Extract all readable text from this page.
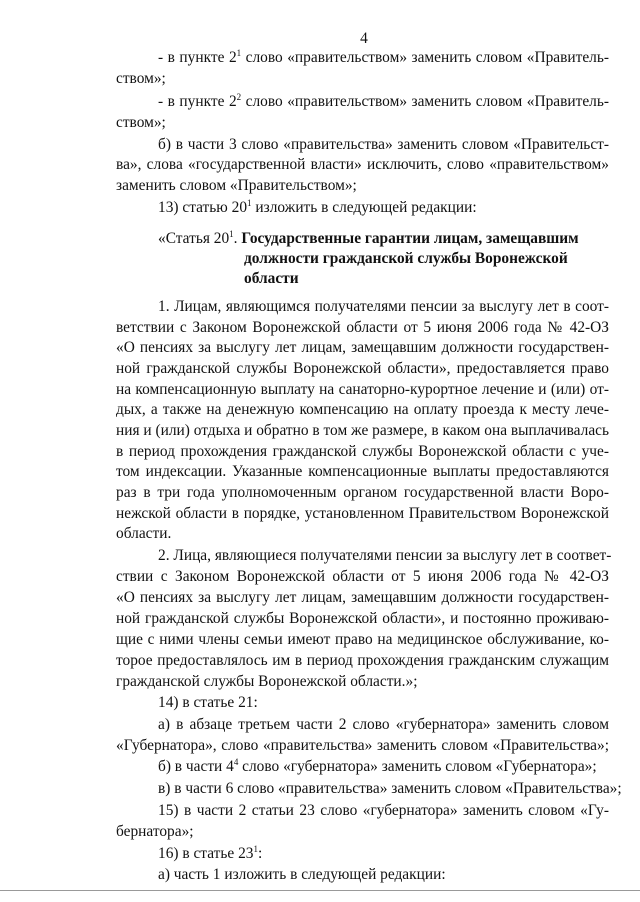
4
- в пункте $2^1$ слово «правительством» заменить словом «Правитель-
ством»;
- в пункте $2^2$ слово «правительством» заменить словом «Правитель-
ством»;
б) в части 3 слово «правительства» заменить словом «Правительст-
ва», слова «государственной власти» исключить, слово «правительством»
заменить словом «Правительством»;
13) статью $20^1$ изложить в следующей редакции:
«Статья $20^1$. Государственные гарантии лицам, замещавшим
должности гражданской службы Воронежской
области
1. Лицам, являющимся получателями пенсии за выслугу лет в соот-
ветствии с Законом Воронежской области от 5 июня 2006 года № 42-ОЗ
«О пенсиях за выслугу лет лицам, замещавшим должности государствен-
ной гражданской службы Воронежской области», предоставляется право
на компенсационную выплату на санаторно-курортное лечение и (или) от-
дых, а также на денежную компенсацию на оплату проезда к месту лече-
ния и (или) отдыха и обратно в том же размере, в каком она выплачивалась
в период прохождения гражданской службы Воронежской области с уче-
том индексации. Указанные компенсационные выплаты предоставляются
раз в три года уполномоченным органом государственной власти Воро-
нежской области в порядке, установленном Правительством Воронежской
области.
2. Лица, являющиеся получателями пенсии за выслугу лет в соответ-
ствии с Законом Воронежской области от 5 июня 2006 года № 42-ОЗ
«О пенсиях за выслугу лет лицам, замещавшим должности государствен-
ной гражданской службы Воронежской области», и постоянно проживаю-
щие с ними члены семьи имеют право на медицинское обслуживание, ко-
торое предоставлялось им в период прохождения гражданским служащим
гражданской службы Воронежской области.»;
14) в статье 21:
а) в абзаце третьем части 2 слово «губернатора» заменить словом
«Губернатора», слово «правительства» заменить словом «Правительства»;
б) в части $4^4$ слово «губернатора» заменить словом «Губернатора»;
в) в части 6 слово «правительства» заменить словом «Правительства»;
15) в части 2 статьи 23 слово «губернатора» заменить словом «Гу-
бернатора»;
16) в статье $23^1$:
а) часть 1 изложить в следующей редакции:
